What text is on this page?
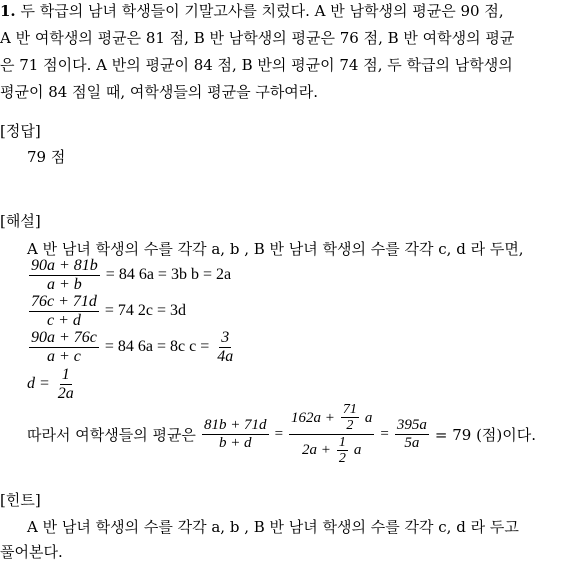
1. 두 학급의 남녀 학생들이 기말고사를 치렀다. A 반 남학생의 평균은 90 점,
A 반 여학생의 평균은 81 점, B 반 남학생의 평균은 76 점, B 반 여학생의 평균
은 71 점이다. A 반의 평균이 84 점, B 반의 평균이 74 점, 두 학급의 남학생의
평균이 84 점일 때, 여학생들의 평균을 구하여라.
[정답]
79 점
[해설]
A 반 남녀 학생의 수를 각각 a, b , B 반 남녀 학생의 수를 각각 c, d 라 두면,
$\frac{90a + 81b}{a + b} = 84$ 6a = 3b b = 2a
$\frac{76c + 71d}{c + d} = 74$ 2c = 3d
$\frac{90a + 76c}{a + c} = 84$ 6a = 8c $c = \frac{3}{4a}$
$d = \frac{1}{2a}$
따라서 여학생들의 평균은 $\frac{81b + 71d}{b + d} = \frac{162a + \frac{71}{2} a}{2a + \frac{1}{2} a} = \frac{395a}{5a} = 79$ (점)이다.
[힌트]
A 반 남녀 학생의 수를 각각 a, b , B 반 남녀 학생의 수를 각각 c, d 라 두고
풀어본다.
